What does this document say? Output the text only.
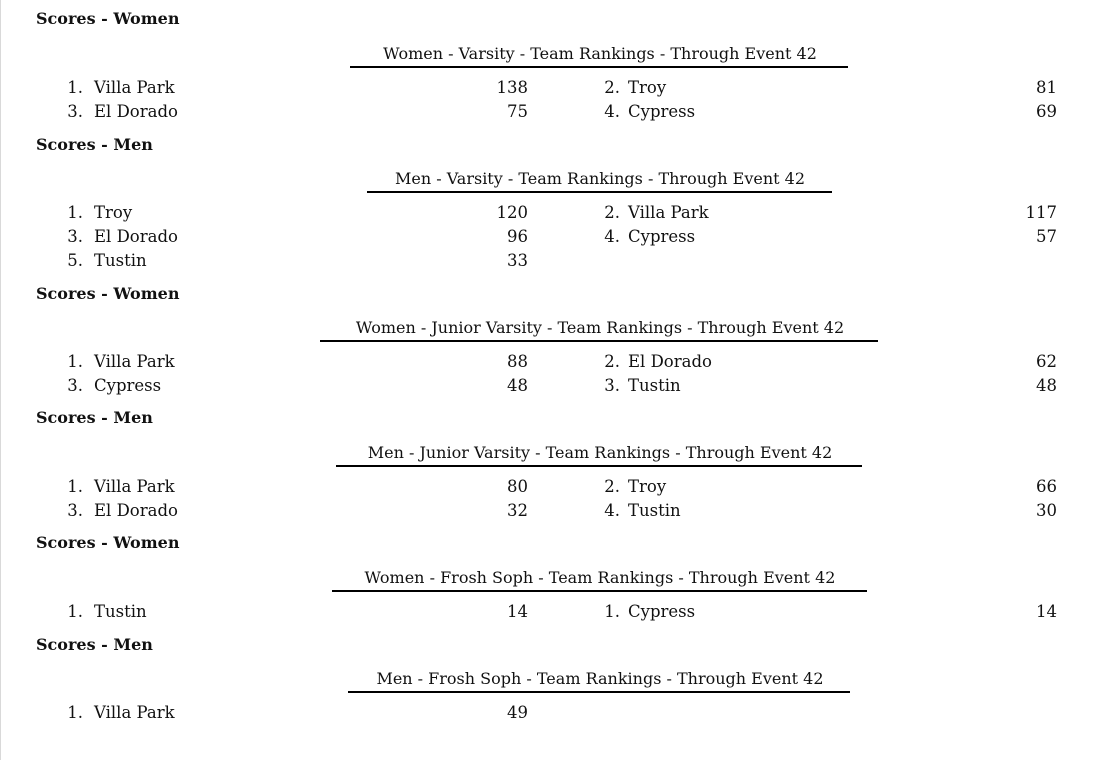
Scores - Women
Women - Varsity - Team Rankings - Through Event 42
1. Villa Park	138	2. Troy	81
3. El Dorado	75	4. Cypress	69
Scores - Men
Men - Varsity - Team Rankings - Through Event 42
1. Troy	120	2. Villa Park	117
3. El Dorado	96	4. Cypress	57
5. Tustin	33
Scores - Women
Women - Junior Varsity - Team Rankings - Through Event 42
1. Villa Park	88	2. El Dorado	62
3. Cypress	48	3. Tustin	48
Scores - Men
Men - Junior Varsity - Team Rankings - Through Event 42
1. Villa Park	80	2. Troy	66
3. El Dorado	32	4. Tustin	30
Scores - Women
Women - Frosh Soph - Team Rankings - Through Event 42
1. Tustin	14	1. Cypress	14
Scores - Men
Men - Frosh Soph - Team Rankings - Through Event 42
1. Villa Park	49
